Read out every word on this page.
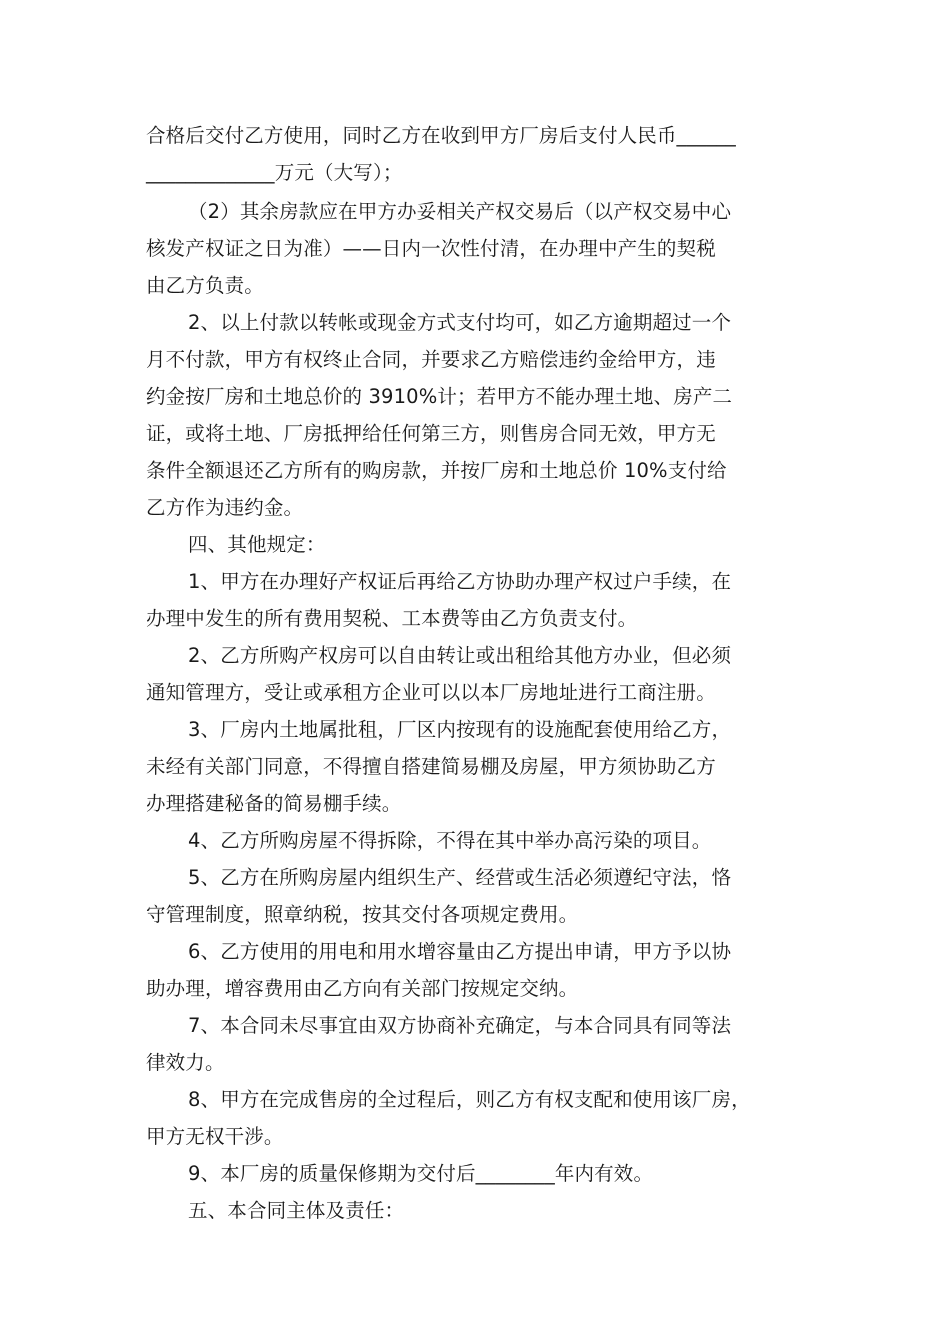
合格后交付乙方使用，同时乙方在收到甲方厂房后支付人民币______
_____________万元（大写）；
（2）其余房款应在甲方办妥相关产权交易后（以产权交易中心
核发产权证之日为准）——日内一次性付清，在办理中产生的契税
由乙方负责。
2、以上付款以转帐或现金方式支付均可，如乙方逾期超过一个
月不付款，甲方有权终止合同，并要求乙方赔偿违约金给甲方，违
约金按厂房和土地总价的 3910%计；若甲方不能办理土地、房产二
证，或将土地、厂房抵押给任何第三方，则售房合同无效，甲方无
条件全额退还乙方所有的购房款，并按厂房和土地总价 10%支付给
乙方作为违约金。
四、其他规定：
1、甲方在办理好产权证后再给乙方协助办理产权过户手续，在
办理中发生的所有费用契税、工本费等由乙方负责支付。
2、乙方所购产权房可以自由转让或出租给其他方办业，但必须
通知管理方，受让或承租方企业可以以本厂房地址进行工商注册。
3、厂房内土地属批租，厂区内按现有的设施配套使用给乙方，
未经有关部门同意，不得擅自搭建简易棚及房屋，甲方须协助乙方
办理搭建秘备的简易棚手续。
4、乙方所购房屋不得拆除，不得在其中举办高污染的项目。
5、乙方在所购房屋内组织生产、经营或生活必须遵纪守法，恪
守管理制度，照章纳税，按其交付各项规定费用。
6、乙方使用的用电和用水增容量由乙方提出申请，甲方予以协
助办理，增容费用由乙方向有关部门按规定交纳。
7、本合同未尽事宜由双方协商补充确定，与本合同具有同等法
律效力。
8、甲方在完成售房的全过程后，则乙方有权支配和使用该厂房，
甲方无权干涉。
9、本厂房的质量保修期为交付后________年内有效。
五、本合同主体及责任：
